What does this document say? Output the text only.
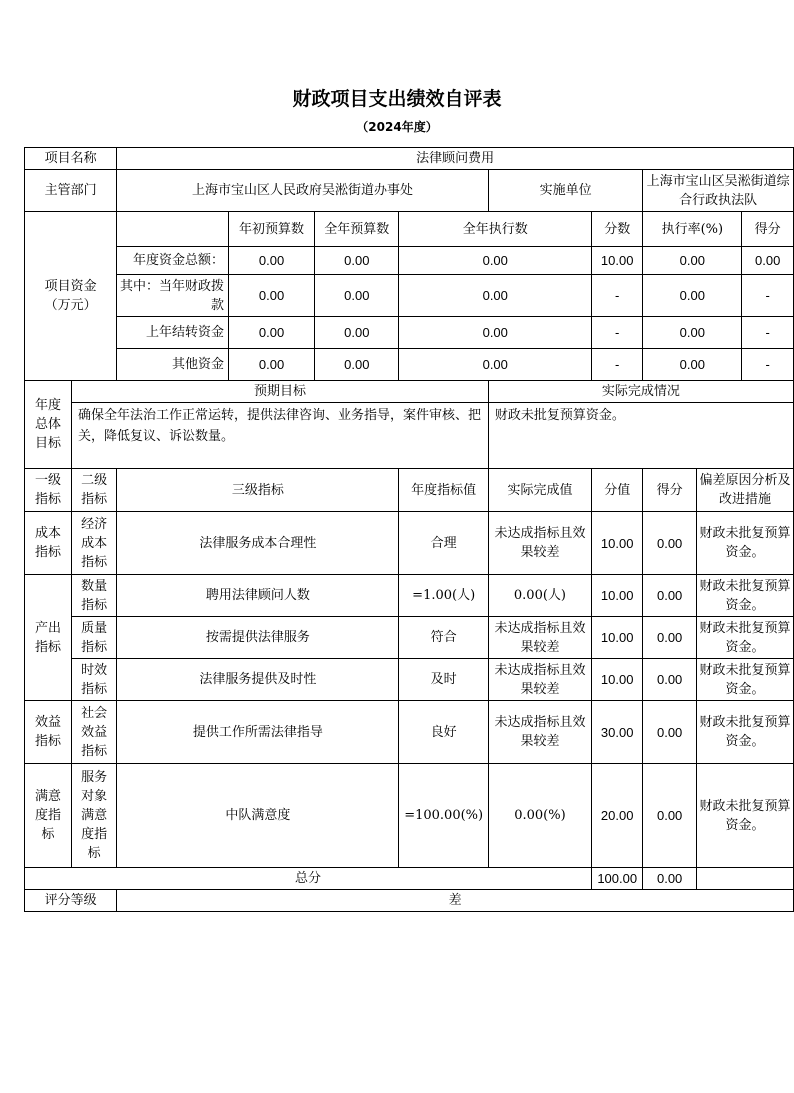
财政项目支出绩效自评表
（2024年度）
项目名称		法律顾问费用								
主管部门		上海市宝山区人民政府吴淞街道办事处				实施单位		上海市宝山区吴淞街道综合行政执法队		
项目资金（万元）			年初预算数	全年预算数	全年执行数		分数	执行率(%)		得分
		年度资金总额：	0.00	0.00	0.00		10.00	0.00		0.00
		其中：当年财政拨款	0.00	0.00	0.00		-	0.00		-
		上年结转资金	0.00	0.00	0.00		-	0.00		-
		其他资金	0.00	0.00	0.00		-	0.00		-
年度总体目标	预期目标					实际完成情况				
	确保全年法治工作正常运转，提供法律咨询、业务指导，案件审核、把关，降低复议、诉讼数量。					财政未批复预算资金。				
一级指标	二级指标	三级指标			年度指标值	实际完成值	分值	得分	偏差原因分析及改进措施	
成本指标	经济成本指标	法律服务成本合理性			合理	未达成指标且效果较差	10.00	0.00	财政未批复预算资金。	
产出指标	数量指标	聘用法律顾问人数			=1.00(人)	0.00(人)	10.00	0.00	财政未批复预算资金。	
	质量指标	按需提供法律服务			符合	未达成指标且效果较差	10.00	0.00	财政未批复预算资金。	
	时效指标	法律服务提供及时性			及时	未达成指标且效果较差	10.00	0.00	财政未批复预算资金。	
效益指标	社会效益指标	提供工作所需法律指导			良好	未达成指标且效果较差	30.00	0.00	财政未批复预算资金。	
满意度指标	服务对象满意度指标	中队满意度			=100.00(%)	0.00(%)	20.00	0.00	财政未批复预算资金。	
总分							100.00	0.00		
评分等级		差								
